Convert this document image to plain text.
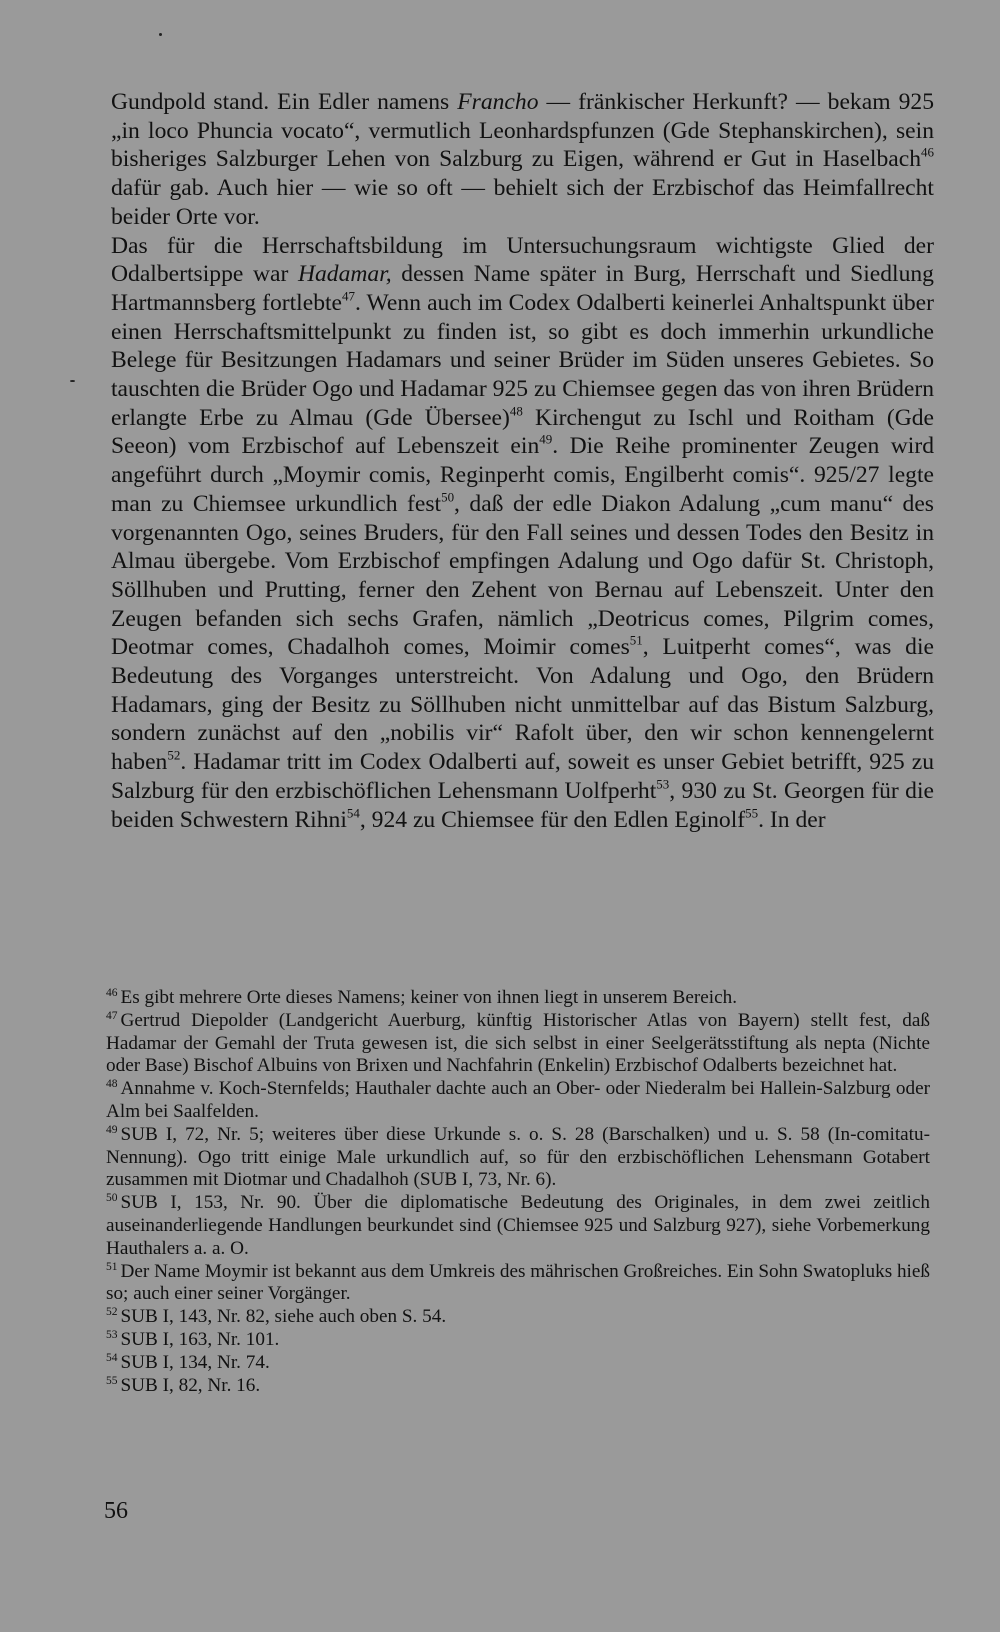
Gundpold stand. Ein Edler namens Francho — fränkischer Herkunft? — bekam 925 „in loco Phuncia vocato“, vermutlich Leonhardspfunzen (Gde Stephanskirchen), sein bisheriges Salzburger Lehen von Salzburg zu Eigen, während er Gut in Haselbach$^{46}$ dafür gab. Auch hier — wie so oft — behielt sich der Erzbischof das Heimfallrecht beider Orte vor.

Das für die Herrschaftsbildung im Untersuchungsraum wichtigste Glied der Odalbertsippe war Hadamar, dessen Name später in Burg, Herrschaft und Siedlung Hartmannsberg fortlebte$^{47}$. Wenn auch im Codex Odalberti keinerlei Anhaltspunkt über einen Herrschaftsmittelpunkt zu finden ist, so gibt es doch immerhin urkundliche Belege für Besitzungen Hadamars und seiner Brüder im Süden unseres Gebietes. So tauschten die Brüder Ogo und Hadamar 925 zu Chiemsee gegen das von ihren Brüdern erlangte Erbe zu Almau (Gde Übersee)$^{48}$ Kirchengut zu Ischl und Roitham (Gde Seeon) vom Erzbischof auf Lebenszeit ein$^{49}$. Die Reihe prominenter Zeugen wird angeführt durch „Moymir comis, Reginperht comis, Engilberht comis“. 925/27 legte man zu Chiemsee urkundlich fest$^{50}$, daß der edle Diakon Adalung „cum manu“ des vorgenannten Ogo, seines Bruders, für den Fall seines und dessen Todes den Besitz in Almau übergebe. Vom Erzbischof empfingen Adalung und Ogo dafür St. Christoph, Söllhuben und Prutting, ferner den Zehent von Bernau auf Lebenszeit. Unter den Zeugen befanden sich sechs Grafen, nämlich „Deotricus comes, Pilgrim comes, Deotmar comes, Chadalhoh comes, Moimir comes$^{51}$, Luitperht comes“, was die Bedeutung des Vorganges unterstreicht. Von Adalung und Ogo, den Brüdern Hadamars, ging der Besitz zu Söllhuben nicht unmittelbar auf das Bistum Salzburg, sondern zunächst auf den „nobilis vir“ Rafolt über, den wir schon kennengelernt haben$^{52}$. Hadamar tritt im Codex Odalberti auf, soweit es unser Gebiet betrifft, 925 zu Salzburg für den erzbischöflichen Lehensmann Uolfperht$^{53}$, 930 zu St. Georgen für die beiden Schwestern Rihni$^{54}$, 924 zu Chiemsee für den Edlen Eginolf$^{55}$. In der

$^{46}$ Es gibt mehrere Orte dieses Namens; keiner von ihnen liegt in unserem Bereich.
$^{47}$ Gertrud Diepolder (Landgericht Auerburg, künftig Historischer Atlas von Bayern) stellt fest, daß Hadamar der Gemahl der Truta gewesen ist, die sich selbst in einer Seelgerätsstiftung als nepta (Nichte oder Base) Bischof Albuins von Brixen und Nachfahrin (Enkelin) Erzbischof Odalberts bezeichnet hat.
$^{48}$ Annahme v. Koch-Sternfelds; Hauthaler dachte auch an Ober- oder Niederalm bei Hallein-Salzburg oder Alm bei Saalfelden.
$^{49}$ SUB I, 72, Nr. 5; weiteres über diese Urkunde s. o. S. 28 (Barschalken) und u. S. 58 (In-comitatu-Nennung). Ogo tritt einige Male urkundlich auf, so für den erzbischöflichen Lehensmann Gotabert zusammen mit Diotmar und Chadalhoh (SUB I, 73, Nr. 6).
$^{50}$ SUB I, 153, Nr. 90. Über die diplomatische Bedeutung des Originales, in dem zwei zeitlich auseinanderliegende Handlungen beurkundet sind (Chiemsee 925 und Salzburg 927), siehe Vorbemerkung Hauthalers a. a. O.
$^{51}$ Der Name Moymir ist bekannt aus dem Umkreis des mährischen Großreiches. Ein Sohn Swatopluks hieß so; auch einer seiner Vorgänger.
$^{52}$ SUB I, 143, Nr. 82, siehe auch oben S. 54.
$^{53}$ SUB I, 163, Nr. 101.
$^{54}$ SUB I, 134, Nr. 74.
$^{55}$ SUB I, 82, Nr. 16.
56
